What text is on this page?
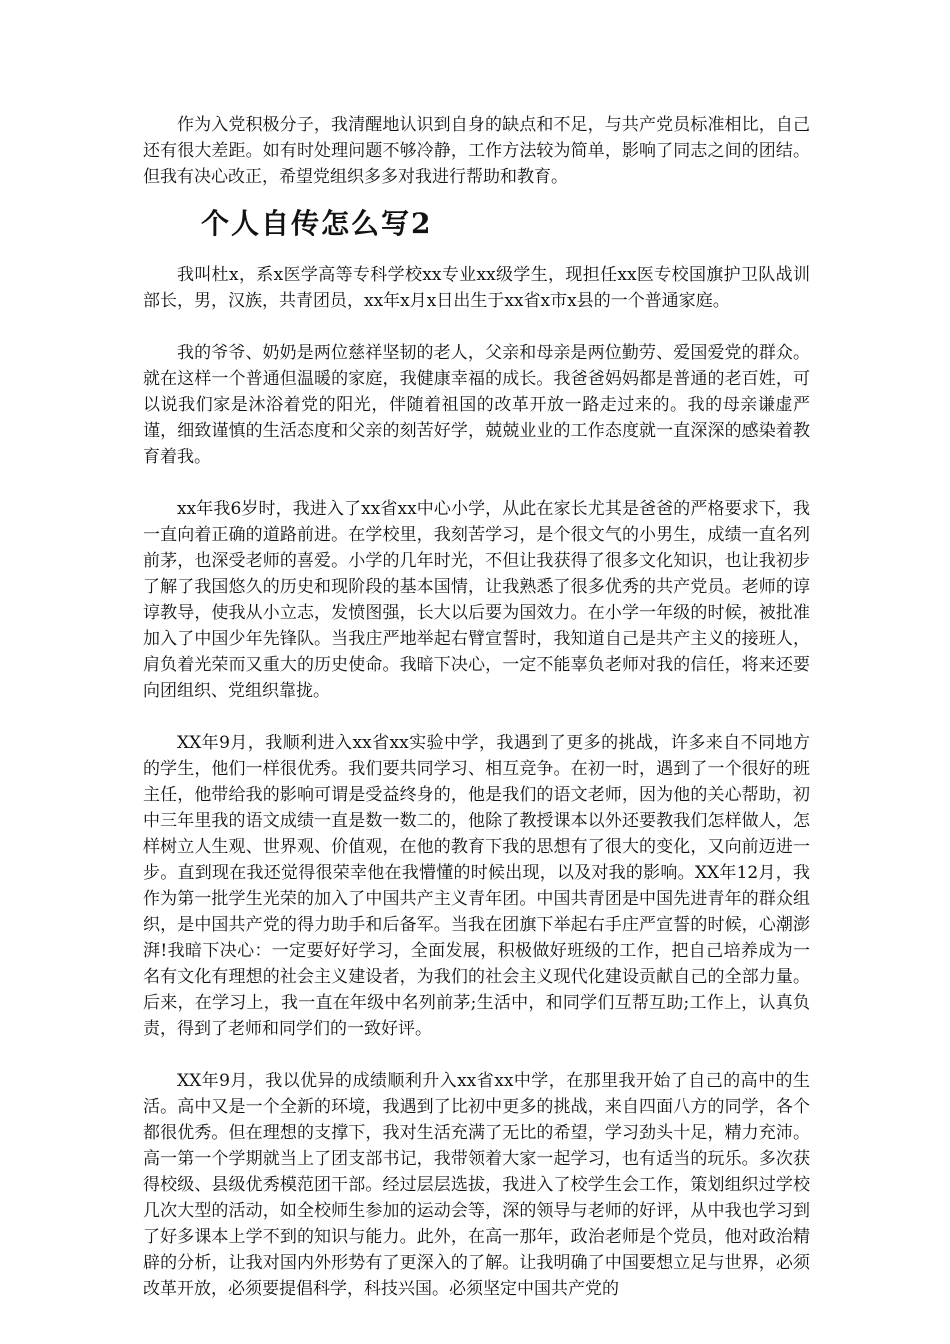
作为入党积极分子，我清醒地认识到自身的缺点和不足，与共产党员标准相比，自己还有很大差距。如有时处理问题不够冷静，工作方法较为简单，影响了同志之间的团结。但我有决心改正，希望党组织多多对我进行帮助和教育。

个人自传怎么写2

我叫杜x，系x医学高等专科学校xx专业xx级学生，现担任xx医专校国旗护卫队战训部长，男，汉族，共青团员，xx年x月x日出生于xx省x市x县的一个普通家庭。

我的爷爷、奶奶是两位慈祥坚韧的老人，父亲和母亲是两位勤劳、爱国爱党的群众。就在这样一个普通但温暖的家庭，我健康幸福的成长。我爸爸妈妈都是普通的老百姓，可以说我们家是沐浴着党的阳光，伴随着祖国的改革开放一路走过来的。我的母亲谦虚严谨，细致谨慎的生活态度和父亲的刻苦好学，兢兢业业的工作态度就一直深深的感染着教育着我。

xx年我6岁时，我进入了xx省xx中心小学，从此在家长尤其是爸爸的严格要求下，我一直向着正确的道路前进。在学校里，我刻苦学习，是个很文气的小男生，成绩一直名列前茅，也深受老师的喜爱。小学的几年时光，不但让我获得了很多文化知识，也让我初步了解了我国悠久的历史和现阶段的基本国情，让我熟悉了很多优秀的共产党员。老师的谆谆教导，使我从小立志，发愤图强，长大以后要为国效力。在小学一年级的时候，被批准加入了中国少年先锋队。当我庄严地举起右臂宣誓时，我知道自己是共产主义的接班人，肩负着光荣而又重大的历史使命。我暗下决心，一定不能辜负老师对我的信任，将来还要向团组织、党组织靠拢。

XX年9月，我顺利进入xx省xx实验中学，我遇到了更多的挑战，许多来自不同地方的学生，他们一样很优秀。我们要共同学习、相互竞争。在初一时，遇到了一个很好的班主任，他带给我的影响可谓是受益终身的，他是我们的语文老师，因为他的关心帮助，初中三年里我的语文成绩一直是数一数二的，他除了教授课本以外还要教我们怎样做人，怎样树立人生观、世界观、价值观，在他的教育下我的思想有了很大的变化，又向前迈进一步。直到现在我还觉得很荣幸他在我懵懂的时候出现，以及对我的影响。XX年12月，我作为第一批学生光荣的加入了中国共产主义青年团。中国共青团是中国先进青年的群众组织，是中国共产党的得力助手和后备军。当我在团旗下举起右手庄严宣誓的时候，心潮澎湃!我暗下决心：一定要好好学习，全面发展，积极做好班级的工作，把自己培养成为一名有文化有理想的社会主义建设者，为我们的社会主义现代化建设贡献自己的全部力量。后来，在学习上，我一直在年级中名列前茅;生活中，和同学们互帮互助;工作上，认真负责，得到了老师和同学们的一致好评。

XX年9月，我以优异的成绩顺利升入xx省xx中学，在那里我开始了自己的高中的生活。高中又是一个全新的环境，我遇到了比初中更多的挑战，来自四面八方的同学，各个都很优秀。但在理想的支撑下，我对生活充满了无比的希望，学习劲头十足，精力充沛。高一第一个学期就当上了团支部书记，我带领着大家一起学习，也有适当的玩乐。多次获得校级、县级优秀模范团干部。经过层层选拔，我进入了校学生会工作，策划组织过学校几次大型的活动，如全校师生参加的运动会等，深的领导与老师的好评，从中我也学习到了好多课本上学不到的知识与能力。此外，在高一那年，政治老师是个党员，他对政治精辟的分析，让我对国内外形势有了更深入的了解。让我明确了中国要想立足与世界，必须改革开放，必须要提倡科学，科技兴国。必须坚定中国共产党的
